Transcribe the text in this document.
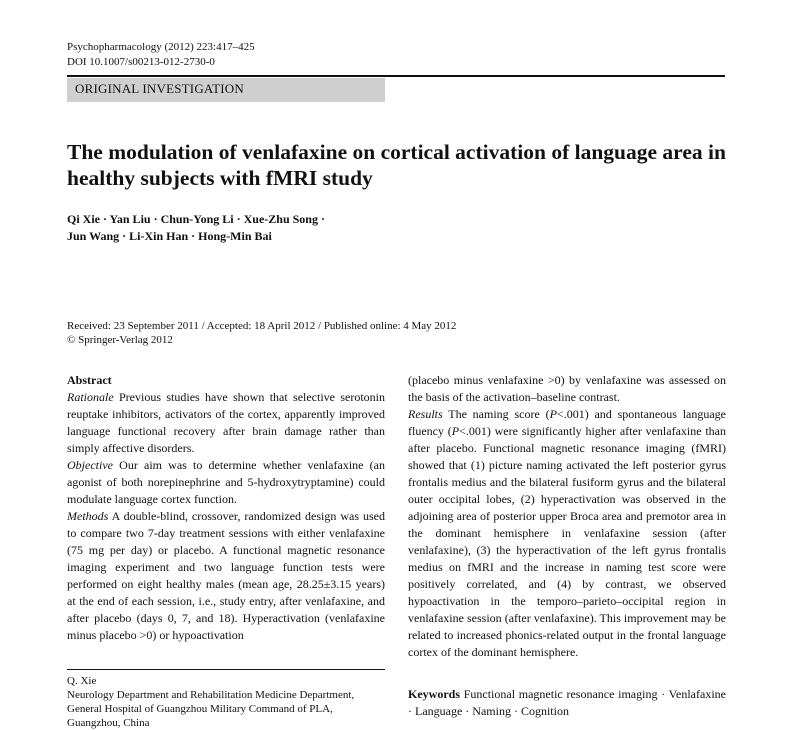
Psychopharmacology (2012) 223:417–425
DOI 10.1007/s00213-012-2730-0
ORIGINAL INVESTIGATION
The modulation of venlafaxine on cortical activation of language area in healthy subjects with fMRI study
Qi Xie · Yan Liu · Chun-Yong Li · Xue-Zhu Song ·
Jun Wang · Li-Xin Han · Hong-Min Bai
Received: 23 September 2011 / Accepted: 18 April 2012 / Published online: 4 May 2012
© Springer-Verlag 2012

Abstract

Rationale Previous studies have shown that selective serotonin reuptake inhibitors, activators of the cortex, apparently improved language functional recovery after brain damage rather than simply affective disorders.

Objective Our aim was to determine whether venlafaxine (an agonist of both norepinephrine and 5-hydroxytryptamine) could modulate language cortex function.

Methods A double-blind, crossover, randomized design was used to compare two 7-day treatment sessions with either venlafaxine (75 mg per day) or placebo. A functional magnetic resonance imaging experiment and two language function tests were performed on eight healthy males (mean age, 28.25±3.15 years) at the end of each session, i.e., study entry, after venlafaxine, and after placebo (days 0, 7, and 18). Hyperactivation (venlafaxine minus placebo >0) or hypoactivation

Q. Xie

Neurology Department and Rehabilitation Medicine Department,

General Hospital of Guangzhou Military Command of PLA,

Guangzhou, China

(placebo minus venlafaxine >0) by venlafaxine was assessed on the basis of the activation–baseline contrast.

Results The naming score (P<.001) and spontaneous language fluency (P<.001) were significantly higher after venlafaxine than after placebo. Functional magnetic resonance imaging (fMRI) showed that (1) picture naming activated the left posterior gyrus frontalis medius and the bilateral fusiform gyrus and the bilateral outer occipital lobes, (2) hyperactivation was observed in the adjoining area of posterior upper Broca area and premotor area in the dominant hemisphere in venlafaxine session (after venlafaxine), (3) the hyperactivation of the left gyrus frontalis medius on fMRI and the increase in naming test score were positively correlated, and (4) by contrast, we observed hypoactivation in the temporo–parieto–occipital region in venlafaxine session (after venlafaxine). This improvement may be related to increased phonics-related output in the frontal language cortex of the dominant hemisphere.

Keywords Functional magnetic resonance imaging · Venlafaxine · Language · Naming · Cognition
